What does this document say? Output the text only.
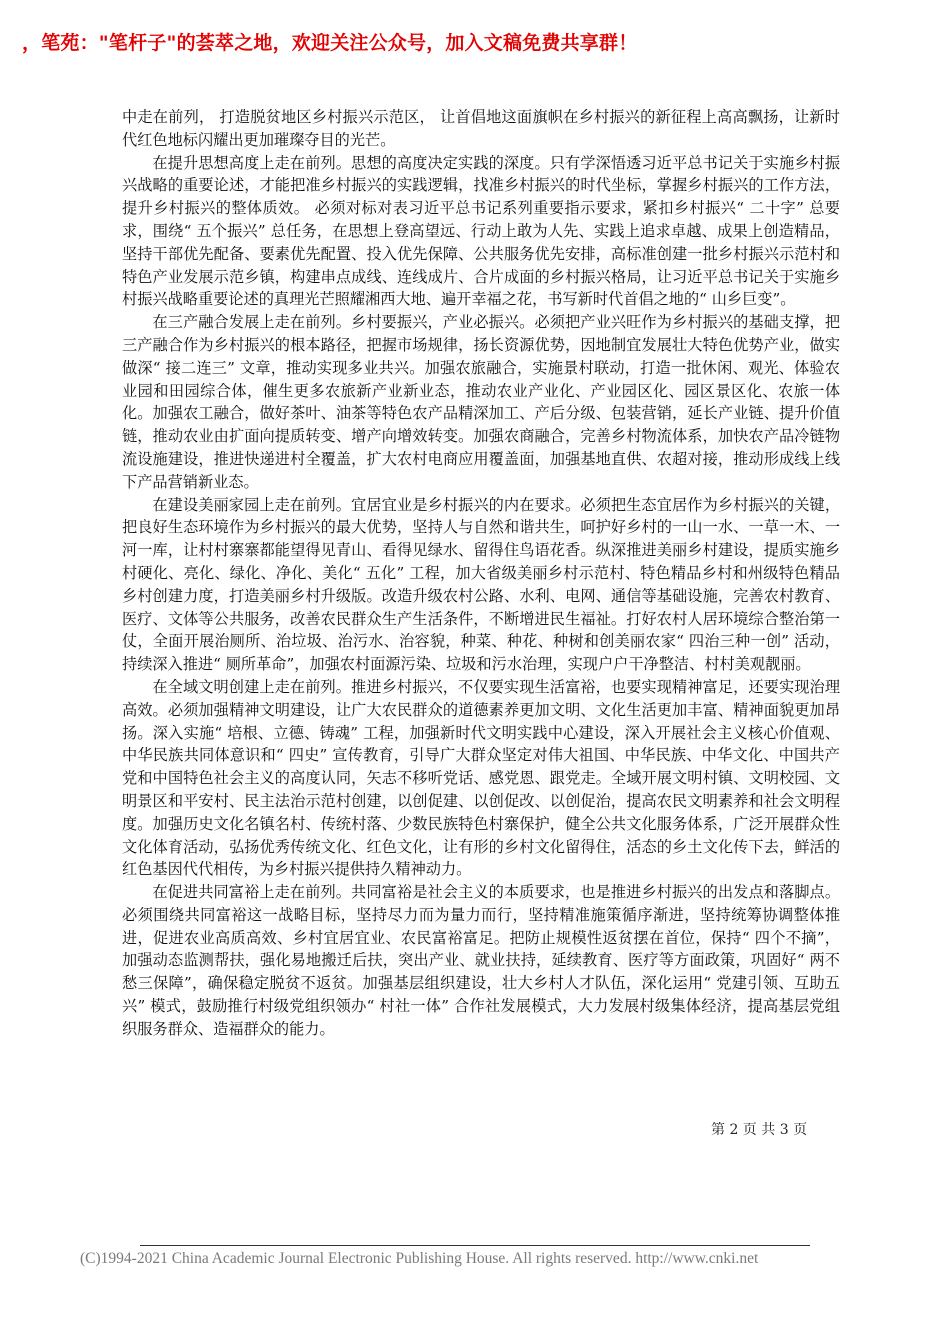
，笔苑："笔杆子"的荟萃之地，欢迎关注公众号，加入文稿免费共享群！

中走在前列， 打造脱贫地区乡村振兴示范区， 让首倡地这面旗帜在乡村振兴的新征程上高高飘扬，让新时代红色地标闪耀出更加璀璨夺目的光芒。

在提升思想高度上走在前列。思想的高度决定实践的深度。只有学深悟透习近平总书记关于实施乡村振兴战略的重要论述，才能把准乡村振兴的实践逻辑，找准乡村振兴的时代坐标，掌握乡村振兴的工作方法， 提升乡村振兴的整体质效。 必须对标对表习近平总书记系列重要指示要求，紧扣乡村振兴“ 二十字” 总要求，围绕“ 五个振兴” 总任务，在思想上登高望远、行动上敢为人先、实践上追求卓越、成果上创造精品，坚持干部优先配备、要素优先配置、投入优先保障、公共服务优先安排，高标准创建一批乡村振兴示范村和特色产业发展示范乡镇，构建串点成线、连线成片、合片成面的乡村振兴格局，让习近平总书记关于实施乡村振兴战略重要论述的真理光芒照耀湘西大地、遍开幸福之花，书写新时代首倡之地的“ 山乡巨变”。

在三产融合发展上走在前列。乡村要振兴，产业必振兴。必须把产业兴旺作为乡村振兴的基础支撑，把三产融合作为乡村振兴的根本路径，把握市场规律，扬长资源优势，因地制宜发展壮大特色优势产业，做实做深“ 接二连三” 文章，推动实现多业共兴。加强农旅融合，实施景村联动，打造一批休闲、观光、体验农业园和田园综合体，催生更多农旅新产业新业态，推动农业产业化、产业园区化、园区景区化、农旅一体化。加强农工融合，做好茶叶、油茶等特色农产品精深加工、产后分级、包装营销，延长产业链、提升价值链，推动农业由扩面向提质转变、增产向增效转变。加强农商融合，完善乡村物流体系，加快农产品冷链物流设施建设，推进快递进村全覆盖，扩大农村电商应用覆盖面，加强基地直供、农超对接，推动形成线上线下产品营销新业态。

在建设美丽家园上走在前列。宜居宜业是乡村振兴的内在要求。必须把生态宜居作为乡村振兴的关键，把良好生态环境作为乡村振兴的最大优势，坚持人与自然和谐共生，呵护好乡村的一山一水、一草一木、一河一库，让村村寨寨都能望得见青山、看得见绿水、留得住鸟语花香。纵深推进美丽乡村建设，提质实施乡村硬化、亮化、绿化、净化、美化“ 五化” 工程，加大省级美丽乡村示范村、特色精品乡村和州级特色精品乡村创建力度，打造美丽乡村升级版。改造升级农村公路、水利、电网、通信等基础设施，完善农村教育、医疗、文体等公共服务，改善农民群众生产生活条件，不断增进民生福祉。打好农村人居环境综合整治第一仗，全面开展治厕所、治垃圾、治污水、治容貌，种菜、种花、种树和创美丽农家“ 四治三种一创” 活动，持续深入推进“ 厕所革命”，加强农村面源污染、垃圾和污水治理，实现户户干净整洁、村村美观靓丽。

在全域文明创建上走在前列。推进乡村振兴，不仅要实现生活富裕，也要实现精神富足，还要实现治理高效。必须加强精神文明建设，让广大农民群众的道德素养更加文明、文化生活更加丰富、精神面貌更加昂扬。深入实施“ 培根、立德、铸魂” 工程，加强新时代文明实践中心建设，深入开展社会主义核心价值观、中华民族共同体意识和“ 四史” 宣传教育，引导广大群众坚定对伟大祖国、中华民族、中华文化、中国共产党和中国特色社会主义的高度认同，矢志不移听党话、感党恩、跟党走。全域开展文明村镇、文明校园、文明景区和平安村、民主法治示范村创建，以创促建、以创促改、以创促治，提高农民文明素养和社会文明程度。加强历史文化名镇名村、传统村落、少数民族特色村寨保护，健全公共文化服务体系，广泛开展群众性文化体育活动，弘扬优秀传统文化、红色文化，让有形的乡村文化留得住，活态的乡土文化传下去，鲜活的红色基因代代相传，为乡村振兴提供持久精神动力。

在促进共同富裕上走在前列。共同富裕是社会主义的本质要求，也是推进乡村振兴的出发点和落脚点。必须围绕共同富裕这一战略目标，坚持尽力而为量力而行，坚持精准施策循序渐进，坚持统筹协调整体推进，促进农业高质高效、乡村宜居宜业、农民富裕富足。把防止规模性返贫摆在首位，保持“ 四个不摘”，加强动态监测帮扶，强化易地搬迁后扶，突出产业、就业扶持，延续教育、医疗等方面政策，巩固好“ 两不愁三保障”，确保稳定脱贫不返贫。加强基层组织建设，壮大乡村人才队伍，深化运用“ 党建引领、互助五兴” 模式，鼓励推行村级党组织领办“ 村社一体” 合作社发展模式，大力发展村级集体经济，提高基层党组织服务群众、造福群众的能力。

第 2 页 共 3 页
(C)1994-2021 China Academic Journal Electronic Publishing House. All rights reserved. http://www.cnki.net
